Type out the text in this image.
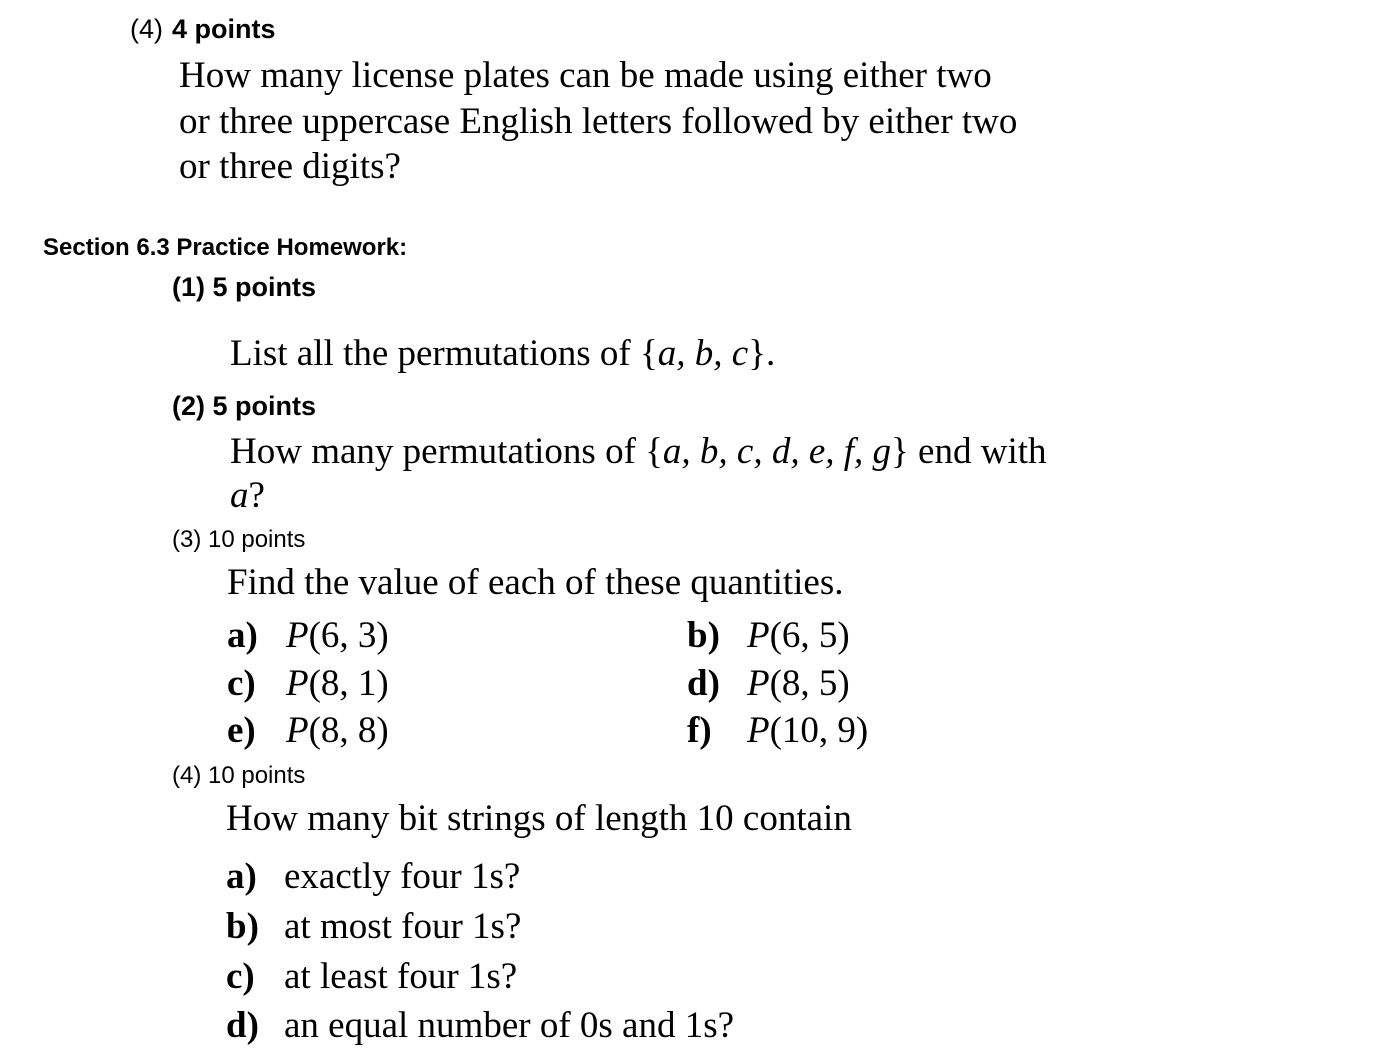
(4) 4 points
How many license plates can be made using either two
or three uppercase English letters followed by either two
or three digits?
Section 6.3 Practice Homework:
(1) 5 points
List all the permutations of {a, b, c}.
(2) 5 points
How many permutations of {a, b, c, d, e, f, g} end with
a?
(3) 10 points
Find the value of each of these quantities.
a) P(6, 3)	b) P(6, 5)
c) P(8, 1)	d) P(8, 5)
e) P(8, 8)	f) P(10, 9)
(4) 10 points
How many bit strings of length 10 contain
a) exactly four 1s?
b) at most four 1s?
c) at least four 1s?
d) an equal number of 0s and 1s?
